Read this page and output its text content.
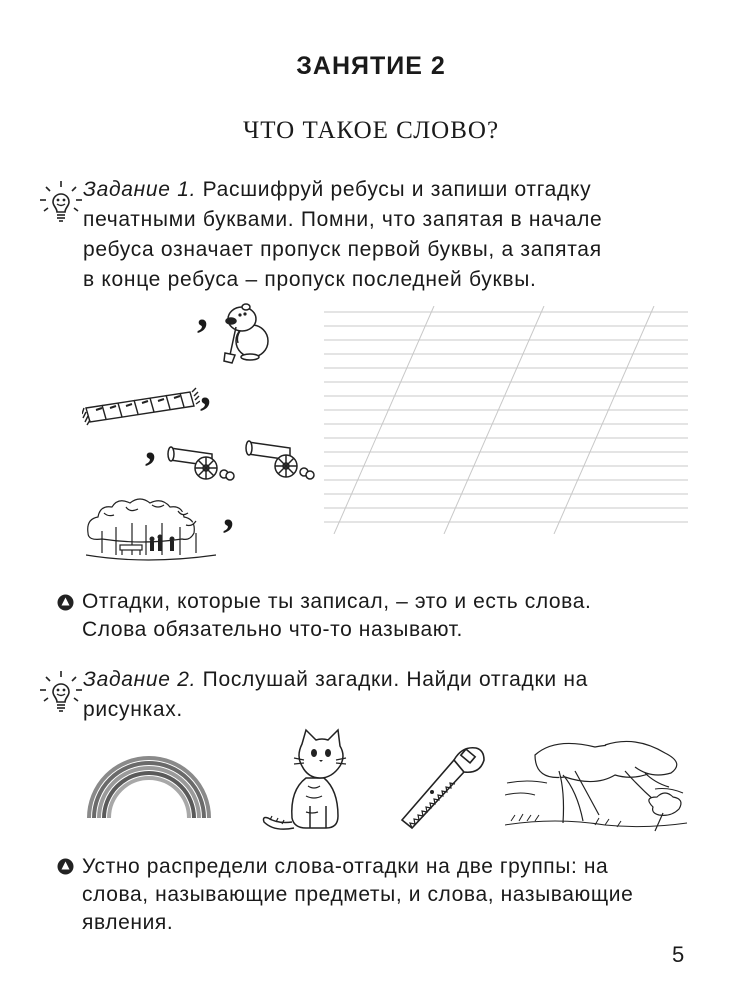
ЗАНЯТИЕ 2
ЧТО ТАКОЕ СЛОВО?
Задание 1. Расшифруй ребусы и запиши отгадку
печатными буквами. Помни, что запятая в начале
ребуса означает пропуск первой буквы, а запятая
в конце ребуса – пропуск последней буквы.
,
,
,
,
Отгадки, которые ты записал, – это и есть слова.
Слова обязательно что-то называют.
Задание 2. Послушай загадки. Найди отгадки на
рисунках.
Устно распредели слова-отгадки на две группы: на
слова, называющие предметы, и слова, называющие
явления.
5
